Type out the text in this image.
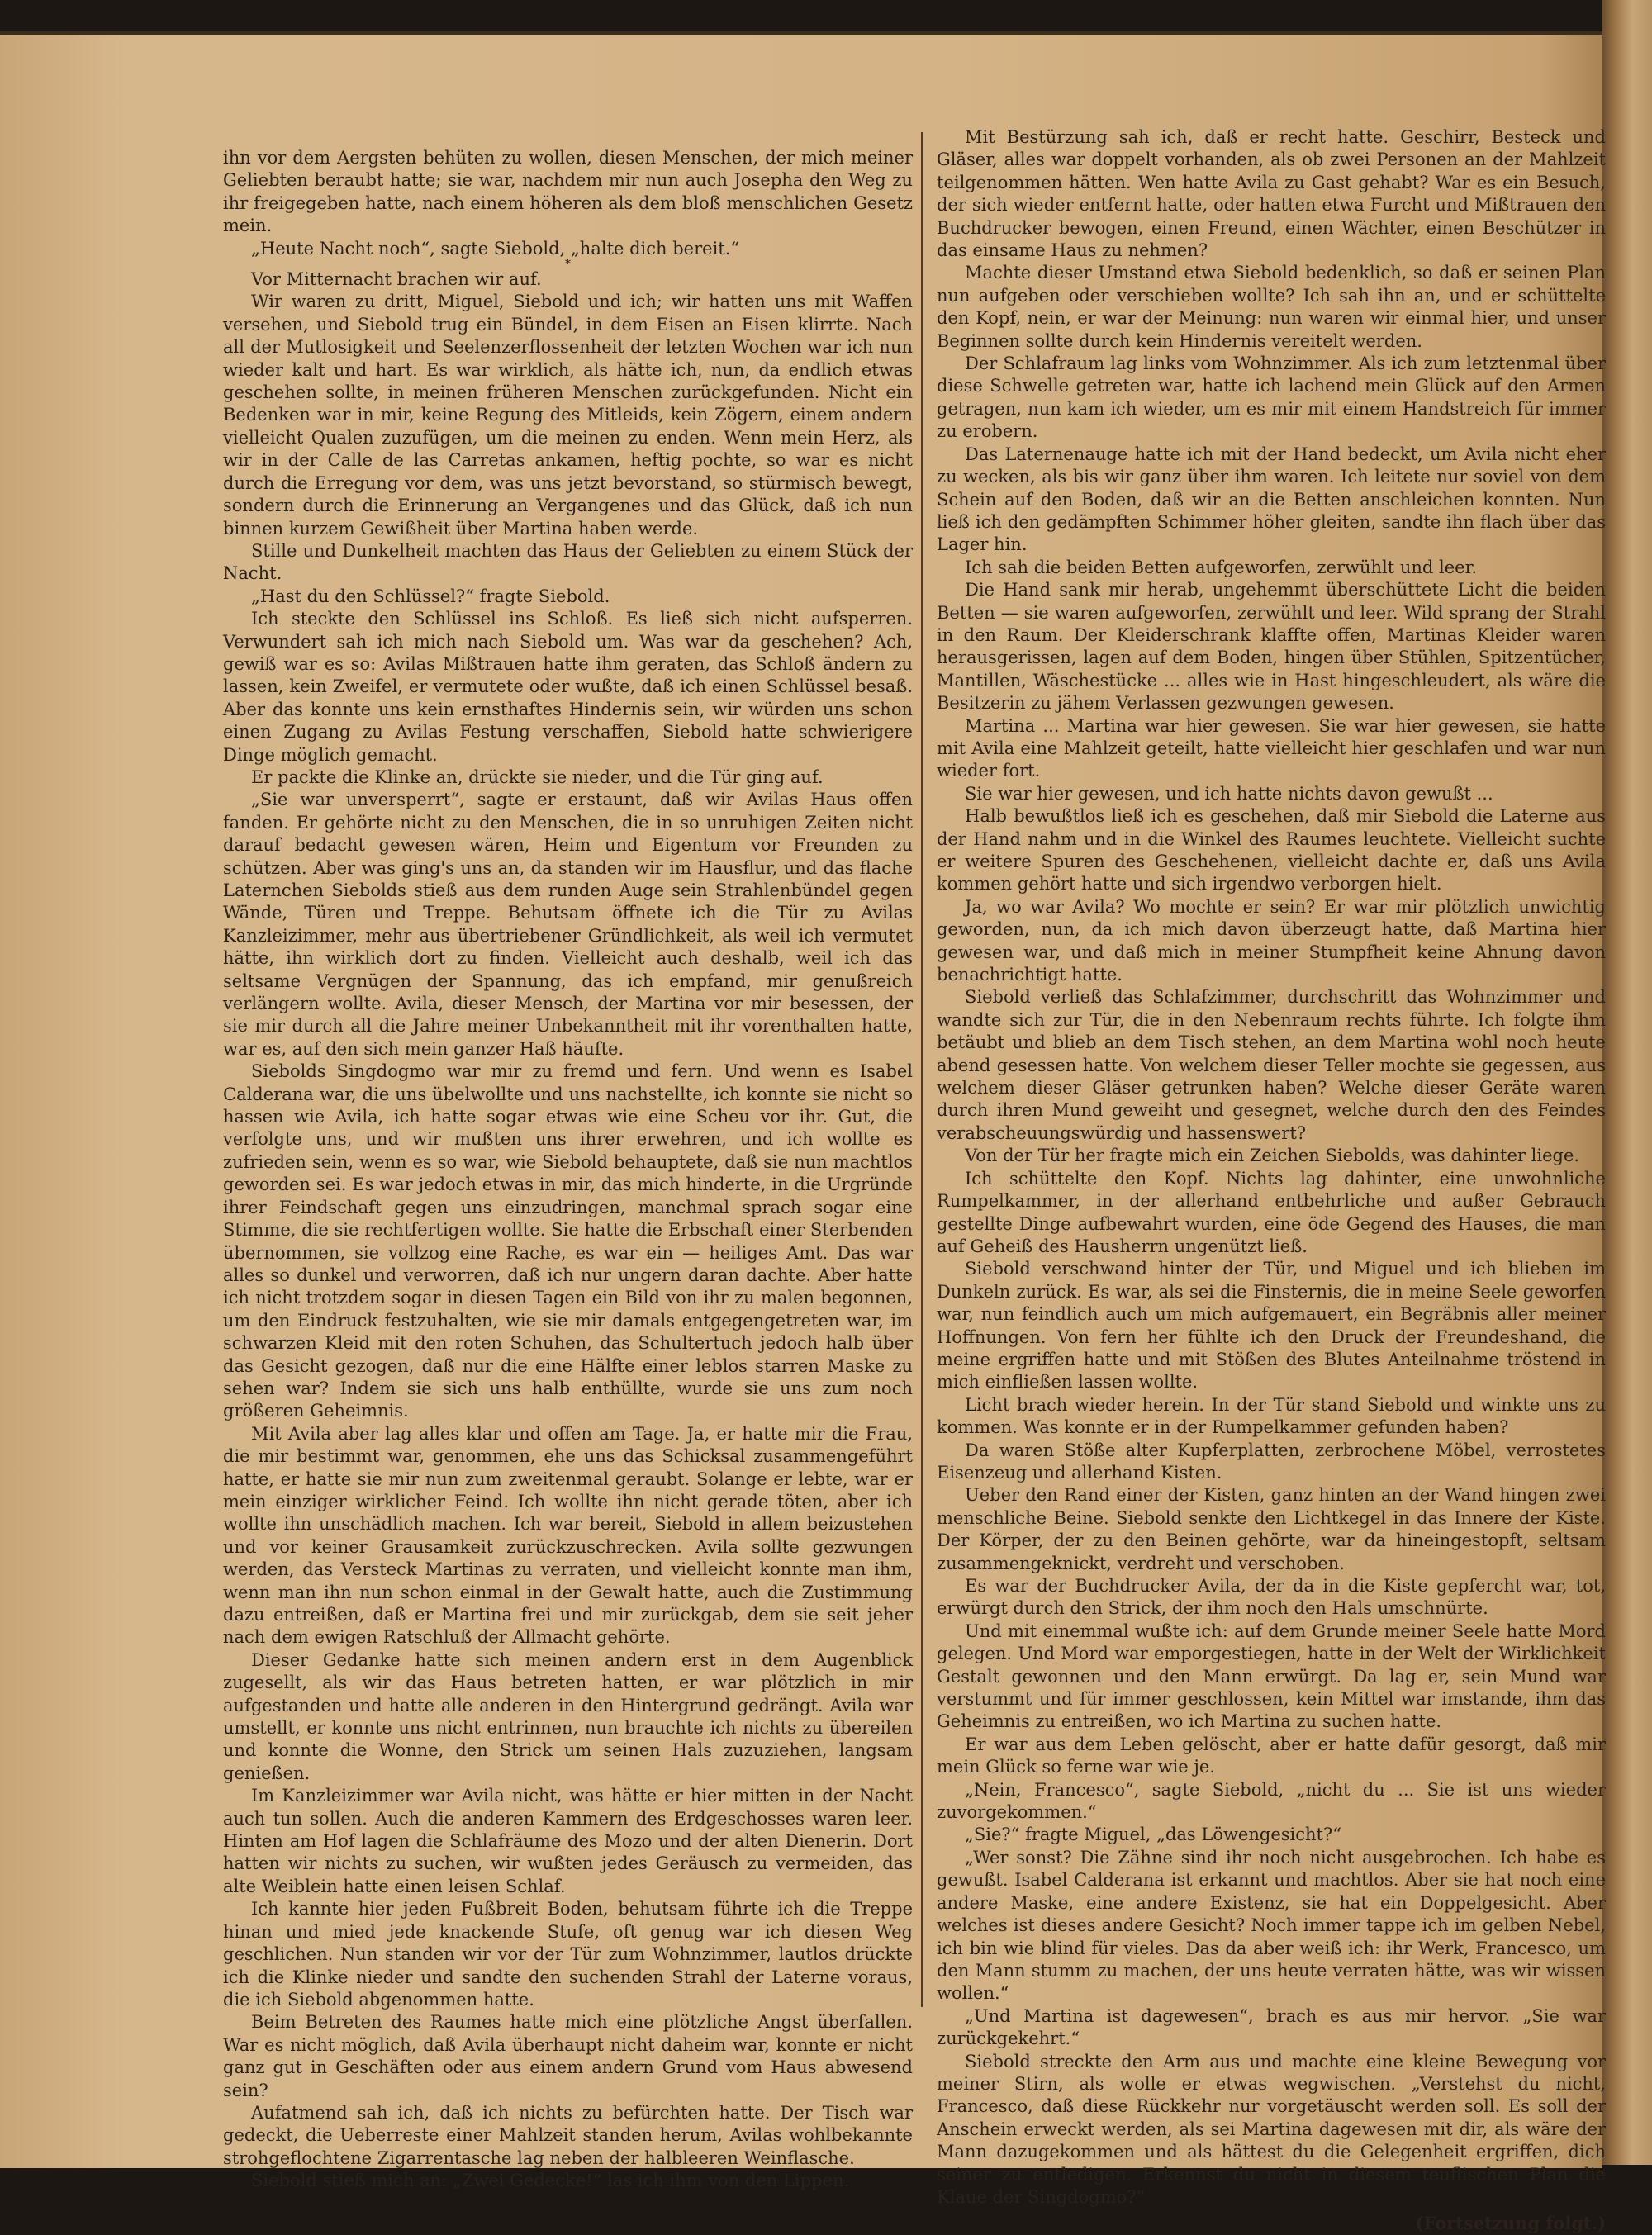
ihn vor dem Aergsten behüten zu wollen, diesen Menschen, der mich meiner Geliebten beraubt hatte; sie war, nachdem mir nun auch Josepha den Weg zu ihr freigegeben hatte, nach einem höheren als dem bloß menschlichen Gesetz mein.

„Heute Nacht noch“, sagte Siebold, „halte dich bereit.“

*

Vor Mitternacht brachen wir auf.

Wir waren zu dritt, Miguel, Siebold und ich; wir hatten uns mit Waffen versehen, und Siebold trug ein Bündel, in dem Eisen an Eisen klirrte. Nach all der Mutlosigkeit und Seelenzerflossenheit der letzten Wochen war ich nun wieder kalt und hart. Es war wirklich, als hätte ich, nun, da endlich etwas geschehen sollte, in meinen früheren Menschen zurückgefunden. Nicht ein Bedenken war in mir, keine Regung des Mitleids, kein Zögern, einem andern vielleicht Qualen zuzufügen, um die meinen zu enden. Wenn mein Herz, als wir in der Calle de las Carretas ankamen, heftig pochte, so war es nicht durch die Erregung vor dem, was uns jetzt bevorstand, so stürmisch bewegt, sondern durch die Erinnerung an Vergangenes und das Glück, daß ich nun binnen kurzem Gewißheit über Martina haben werde.

Stille und Dunkelheit machten das Haus der Geliebten zu einem Stück der Nacht.

„Hast du den Schlüssel?“ fragte Siebold.

Ich steckte den Schlüssel ins Schloß. Es ließ sich nicht aufsperren. Verwundert sah ich mich nach Siebold um. Was war da geschehen? Ach, gewiß war es so: Avilas Mißtrauen hatte ihm geraten, das Schloß ändern zu lassen, kein Zweifel, er vermutete oder wußte, daß ich einen Schlüssel besaß. Aber das konnte uns kein ernsthaftes Hindernis sein, wir würden uns schon einen Zugang zu Avilas Festung verschaffen, Siebold hatte schwierigere Dinge möglich gemacht.

Er packte die Klinke an, drückte sie nieder, und die Tür ging auf.

„Sie war unversperrt“, sagte er erstaunt, daß wir Avilas Haus offen fanden. Er gehörte nicht zu den Menschen, die in so unruhigen Zeiten nicht darauf bedacht gewesen wären, Heim und Eigentum vor Freunden zu schützen. Aber was ging's uns an, da standen wir im Hausflur, und das flache Laternchen Siebolds stieß aus dem runden Auge sein Strahlenbündel gegen Wände, Türen und Treppe. Behutsam öffnete ich die Tür zu Avilas Kanzleizimmer, mehr aus übertriebener Gründlichkeit, als weil ich vermutet hätte, ihn wirklich dort zu finden. Vielleicht auch deshalb, weil ich das seltsame Vergnügen der Spannung, das ich empfand, mir genußreich verlängern wollte. Avila, dieser Mensch, der Martina vor mir besessen, der sie mir durch all die Jahre meiner Unbekanntheit mit ihr vorenthalten hatte, war es, auf den sich mein ganzer Haß häufte.

Siebolds Singdogmo war mir zu fremd und fern. Und wenn es Isabel Calderana war, die uns übelwollte und uns nachstellte, ich konnte sie nicht so hassen wie Avila, ich hatte sogar etwas wie eine Scheu vor ihr. Gut, die verfolgte uns, und wir mußten uns ihrer erwehren, und ich wollte es zufrieden sein, wenn es so war, wie Siebold behauptete, daß sie nun machtlos geworden sei. Es war jedoch etwas in mir, das mich hinderte, in die Urgründe ihrer Feindschaft gegen uns einzudringen, manchmal sprach sogar eine Stimme, die sie rechtfertigen wollte. Sie hatte die Erbschaft einer Sterbenden übernommen, sie vollzog eine Rache, es war ein — heiliges Amt. Das war alles so dunkel und verworren, daß ich nur ungern daran dachte. Aber hatte ich nicht trotzdem sogar in diesen Tagen ein Bild von ihr zu malen begonnen, um den Eindruck festzuhalten, wie sie mir damals entgegengetreten war, im schwarzen Kleid mit den roten Schuhen, das Schultertuch jedoch halb über das Gesicht gezogen, daß nur die eine Hälfte einer leblos starren Maske zu sehen war? Indem sie sich uns halb enthüllte, wurde sie uns zum noch größeren Geheimnis.

Mit Avila aber lag alles klar und offen am Tage. Ja, er hatte mir die Frau, die mir bestimmt war, genommen, ehe uns das Schicksal zusammengeführt hatte, er hatte sie mir nun zum zweitenmal geraubt. Solange er lebte, war er mein einziger wirklicher Feind. Ich wollte ihn nicht gerade töten, aber ich wollte ihn unschädlich machen. Ich war bereit, Siebold in allem beizustehen und vor keiner Grausamkeit zurückzuschrecken. Avila sollte gezwungen werden, das Versteck Martinas zu verraten, und vielleicht konnte man ihm, wenn man ihn nun schon einmal in der Gewalt hatte, auch die Zustimmung dazu entreißen, daß er Martina frei und mir zurückgab, dem sie seit jeher nach dem ewigen Ratschluß der Allmacht gehörte.

Dieser Gedanke hatte sich meinen andern erst in dem Augenblick zugesellt, als wir das Haus betreten hatten, er war plötzlich in mir aufgestanden und hatte alle anderen in den Hintergrund gedrängt. Avila war umstellt, er konnte uns nicht entrinnen, nun brauchte ich nichts zu übereilen und konnte die Wonne, den Strick um seinen Hals zuzuziehen, langsam genießen.

Im Kanzleizimmer war Avila nicht, was hätte er hier mitten in der Nacht auch tun sollen. Auch die anderen Kammern des Erdgeschosses waren leer. Hinten am Hof lagen die Schlafräume des Mozo und der alten Dienerin. Dort hatten wir nichts zu suchen, wir wußten jedes Geräusch zu vermeiden, das alte Weiblein hatte einen leisen Schlaf.

Ich kannte hier jeden Fußbreit Boden, behutsam führte ich die Treppe hinan und mied jede knackende Stufe, oft genug war ich diesen Weg geschlichen. Nun standen wir vor der Tür zum Wohnzimmer, lautlos drückte ich die Klinke nieder und sandte den suchenden Strahl der Laterne voraus, die ich Siebold abgenommen hatte.

Beim Betreten des Raumes hatte mich eine plötzliche Angst überfallen. War es nicht möglich, daß Avila überhaupt nicht daheim war, konnte er nicht ganz gut in Geschäften oder aus einem andern Grund vom Haus abwesend sein?

Aufatmend sah ich, daß ich nichts zu befürchten hatte. Der Tisch war gedeckt, die Ueberreste einer Mahlzeit standen herum, Avilas wohlbekannte strohgeflochtene Zigarrentasche lag neben der halbleeren Weinflasche.

Siebold stieß mich an: „Zwei Gedecke!“ las ich ihm von den Lippen.

Mit Bestürzung sah ich, daß er recht hatte. Geschirr, Besteck und Gläser, alles war doppelt vorhanden, als ob zwei Personen an der Mahlzeit teilgenommen hätten. Wen hatte Avila zu Gast gehabt? War es ein Besuch, der sich wieder entfernt hatte, oder hatten etwa Furcht und Mißtrauen den Buchdrucker bewogen, einen Freund, einen Wächter, einen Beschützer in das einsame Haus zu nehmen?

Machte dieser Umstand etwa Siebold bedenklich, so daß er seinen Plan nun aufgeben oder verschieben wollte? Ich sah ihn an, und er schüttelte den Kopf, nein, er war der Meinung: nun waren wir einmal hier, und unser Beginnen sollte durch kein Hindernis vereitelt werden.

Der Schlafraum lag links vom Wohnzimmer. Als ich zum letztenmal über diese Schwelle getreten war, hatte ich lachend mein Glück auf den Armen getragen, nun kam ich wieder, um es mir mit einem Handstreich für immer zu erobern.

Das Laternenauge hatte ich mit der Hand bedeckt, um Avila nicht eher zu wecken, als bis wir ganz über ihm waren. Ich leitete nur soviel von dem Schein auf den Boden, daß wir an die Betten anschleichen konnten. Nun ließ ich den gedämpften Schimmer höher gleiten, sandte ihn flach über das Lager hin.

Ich sah die beiden Betten aufgeworfen, zerwühlt und leer.

Die Hand sank mir herab, ungehemmt überschüttete Licht die beiden Betten — sie waren aufgeworfen, zerwühlt und leer. Wild sprang der Strahl in den Raum. Der Kleiderschrank klaffte offen, Martinas Kleider waren herausgerissen, lagen auf dem Boden, hingen über Stühlen, Spitzentücher, Mantillen, Wäschestücke ... alles wie in Hast hingeschleudert, als wäre die Besitzerin zu jähem Verlassen gezwungen gewesen.

Martina ... Martina war hier gewesen. Sie war hier gewesen, sie hatte mit Avila eine Mahlzeit geteilt, hatte vielleicht hier geschlafen und war nun wieder fort.

Sie war hier gewesen, und ich hatte nichts davon gewußt ...

Halb bewußtlos ließ ich es geschehen, daß mir Siebold die Laterne aus der Hand nahm und in die Winkel des Raumes leuchtete. Vielleicht suchte er weitere Spuren des Geschehenen, vielleicht dachte er, daß uns Avila kommen gehört hatte und sich irgendwo verborgen hielt.

Ja, wo war Avila? Wo mochte er sein? Er war mir plötzlich unwichtig geworden, nun, da ich mich davon überzeugt hatte, daß Martina hier gewesen war, und daß mich in meiner Stumpfheit keine Ahnung davon benachrichtigt hatte.

Siebold verließ das Schlafzimmer, durchschritt das Wohnzimmer und wandte sich zur Tür, die in den Nebenraum rechts führte. Ich folgte ihm betäubt und blieb an dem Tisch stehen, an dem Martina wohl noch heute abend gesessen hatte. Von welchem dieser Teller mochte sie gegessen, aus welchem dieser Gläser getrunken haben? Welche dieser Geräte waren durch ihren Mund geweiht und gesegnet, welche durch den des Feindes verabscheuungswürdig und hassenswert?

Von der Tür her fragte mich ein Zeichen Siebolds, was dahinter liege.

Ich schüttelte den Kopf. Nichts lag dahinter, eine unwohnliche Rumpelkammer, in der allerhand entbehrliche und außer Gebrauch gestellte Dinge aufbewahrt wurden, eine öde Gegend des Hauses, die man auf Geheiß des Hausherrn ungenützt ließ.

Siebold verschwand hinter der Tür, und Miguel und ich blieben im Dunkeln zurück. Es war, als sei die Finsternis, die in meine Seele geworfen war, nun feindlich auch um mich aufgemauert, ein Begräbnis aller meiner Hoffnungen. Von fern her fühlte ich den Druck der Freundeshand, die meine ergriffen hatte und mit Stößen des Blutes Anteilnahme tröstend in mich einfließen lassen wollte.

Licht brach wieder herein. In der Tür stand Siebold und winkte uns zu kommen. Was konnte er in der Rumpelkammer gefunden haben?

Da waren Stöße alter Kupferplatten, zerbrochene Möbel, verrostetes Eisenzeug und allerhand Kisten.

Ueber den Rand einer der Kisten, ganz hinten an der Wand hingen zwei menschliche Beine. Siebold senkte den Lichtkegel in das Innere der Kiste. Der Körper, der zu den Beinen gehörte, war da hineingestopft, seltsam zusammengeknickt, verdreht und verschoben.

Es war der Buchdrucker Avila, der da in die Kiste gepfercht war, tot, erwürgt durch den Strick, der ihm noch den Hals umschnürte.

Und mit einemmal wußte ich: auf dem Grunde meiner Seele hatte Mord gelegen. Und Mord war emporgestiegen, hatte in der Welt der Wirklichkeit Gestalt gewonnen und den Mann erwürgt. Da lag er, sein Mund war verstummt und für immer geschlossen, kein Mittel war imstande, ihm das Geheimnis zu entreißen, wo ich Martina zu suchen hatte.

Er war aus dem Leben gelöscht, aber er hatte dafür gesorgt, daß mir mein Glück so ferne war wie je.

„Nein, Francesco“, sagte Siebold, „nicht du ... Sie ist uns wieder zuvorgekommen.“

„Sie?“ fragte Miguel, „das Löwengesicht?“

„Wer sonst? Die Zähne sind ihr noch nicht ausgebrochen. Ich habe es gewußt. Isabel Calderana ist erkannt und machtlos. Aber sie hat noch eine andere Maske, eine andere Existenz, sie hat ein Doppelgesicht. Aber welches ist dieses andere Gesicht? Noch immer tappe ich im gelben Nebel, ich bin wie blind für vieles. Das da aber weiß ich: ihr Werk, Francesco, um den Mann stumm zu machen, der uns heute verraten hätte, was wir wissen wollen.“

„Und Martina ist dagewesen“, brach es aus mir hervor. „Sie war zurückgekehrt.“

Siebold streckte den Arm aus und machte eine kleine Bewegung vor meiner Stirn, als wolle er etwas wegwischen. „Verstehst du nicht, Francesco, daß diese Rückkehr nur vorgetäuscht werden soll. Es soll der Anschein erweckt werden, als sei Martina dagewesen mit dir, als wäre der Mann dazugekommen und als hättest du die Gelegenheit ergriffen, dich seiner zu entledigen. Erkennst du nicht in diesem teuflischen Plan die Klaue der Singdogmo?“

(Fortsetzung folgt.)
